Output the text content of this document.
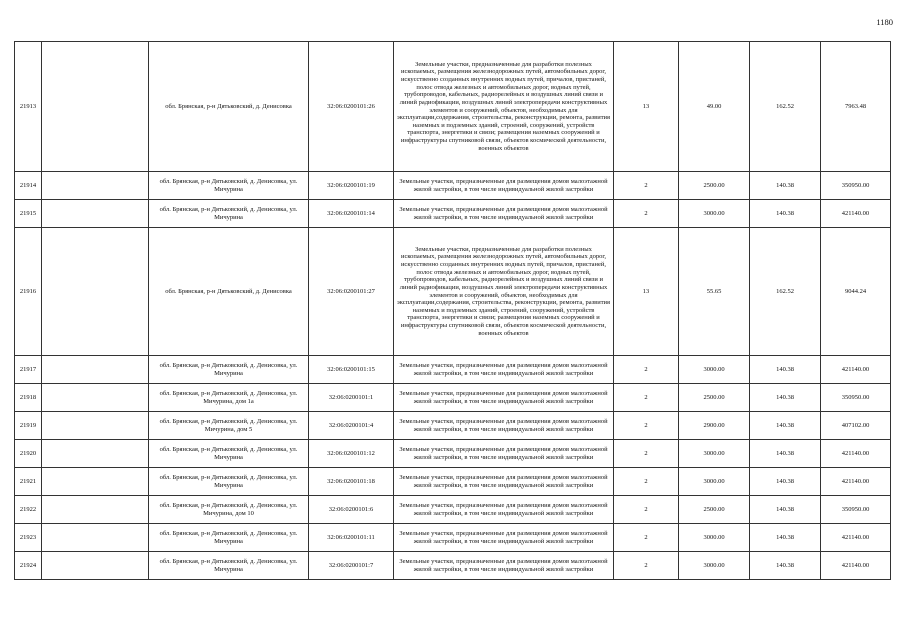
1180
21913		обл. Брянская, р-н Дятьковский, д. Денисовка	32:06:0200101:26	Земельные участки, предназначенные для разработки полезных ископаемых, размещения железнодорожных путей, автомобильных дорог, искусственно созданных внутренних водных путей, причалов, пристаней, полос отвода железных и автомобильных дорог, водных путей, трубопроводов, кабельных, радиорелейных и воздушных линий связи и линий радиофикации, воздушных линий электропередачи конструктивных элементов и сооружений, объектов, необходимых для эксплуатации,содержания, строительства, реконструкции, ремонта, развития наземных и подземных зданий, строений, сооружений, устройств транспорта, энергетики и связи; размещения наземных сооружений и инфраструктуры спутниковой связи, объектов космической деятельности, военных объектов	13	49.00	162.52	7963.48
21914		обл. Брянская, р-н Дятьковский, д. Денисовка, ул. Мичурина	32:06:0200101:19	Земельные участки, предназначенные для размещения домов малоэтажной жилой застройки, в том числе индивидуальной жилой застройки	2	2500.00	140.38	350950.00
21915		обл. Брянская, р-н Дятьковский, д. Денисовка, ул. Мичурина	32:06:0200101:14	Земельные участки, предназначенные для размещения домов малоэтажной жилой застройки, в том числе индивидуальной жилой застройки	2	3000.00	140.38	421140.00
21916		обл. Брянская, р-н Дятьковский, д. Денисовка	32:06:0200101:27	Земельные участки, предназначенные для разработки полезных ископаемых, размещения железнодорожных путей, автомобильных дорог, искусственно созданных внутренних водных путей, причалов, пристаней, полос отвода железных и автомобильных дорог, водных путей, трубопроводов, кабельных, радиорелейных и воздушных линий связи и линий радиофикации, воздушных линий электропередачи конструктивных элементов и сооружений, объектов, необходимых для эксплуатации,содержания, строительства, реконструкции, ремонта, развития наземных и подземных зданий, строений, сооружений, устройств транспорта, энергетики и связи; размещения наземных сооружений и инфраструктуры спутниковой связи, объектов космической деятельности, военных объектов	13	55.65	162.52	9044.24
21917		обл. Брянская, р-н Дятьковский, д. Денисовка, ул. Мичурина	32:06:0200101:15	Земельные участки, предназначенные для размещения домов малоэтажной жилой застройки, в том числе индивидуальной жилой застройки	2	3000.00	140.38	421140.00
21918		обл. Брянская, р-н Дятьковский, д. Денисовка, ул. Мичурина, дом 1а	32:06:0200101:1	Земельные участки, предназначенные для размещения домов малоэтажной жилой застройки, в том числе индивидуальной жилой застройки	2	2500.00	140.38	350950.00
21919		обл. Брянская, р-н Дятьковский, д. Денисовка, ул. Мичурина, дом 5	32:06:0200101:4	Земельные участки, предназначенные для размещения домов малоэтажной жилой застройки, в том числе индивидуальной жилой застройки	2	2900.00	140.38	407102.00
21920		обл. Брянская, р-н Дятьковский, д. Денисовка, ул. Мичурина	32:06:0200101:12	Земельные участки, предназначенные для размещения домов малоэтажной жилой застройки, в том числе индивидуальной жилой застройки	2	3000.00	140.38	421140.00
21921		обл. Брянская, р-н Дятьковский, д. Денисовка, ул. Мичурина	32:06:0200101:18	Земельные участки, предназначенные для размещения домов малоэтажной жилой застройки, в том числе индивидуальной жилой застройки	2	3000.00	140.38	421140.00
21922		обл. Брянская, р-н Дятьковский, д. Денисовка, ул. Мичурина, дом 10	32:06:0200101:6	Земельные участки, предназначенные для размещения домов малоэтажной жилой застройки, в том числе индивидуальной жилой застройки	2	2500.00	140.38	350950.00
21923		обл. Брянская, р-н Дятьковский, д. Денисовка, ул. Мичурина	32:06:0200101:11	Земельные участки, предназначенные для размещения домов малоэтажной жилой застройки, в том числе индивидуальной жилой застройки	2	3000.00	140.38	421140.00
21924		обл. Брянская, р-н Дятьковский, д. Денисовка, ул. Мичурина	32:06:0200101:7	Земельные участки, предназначенные для размещения домов малоэтажной жилой застройки, в том числе индивидуальной жилой застройки	2	3000.00	140.38	421140.00
